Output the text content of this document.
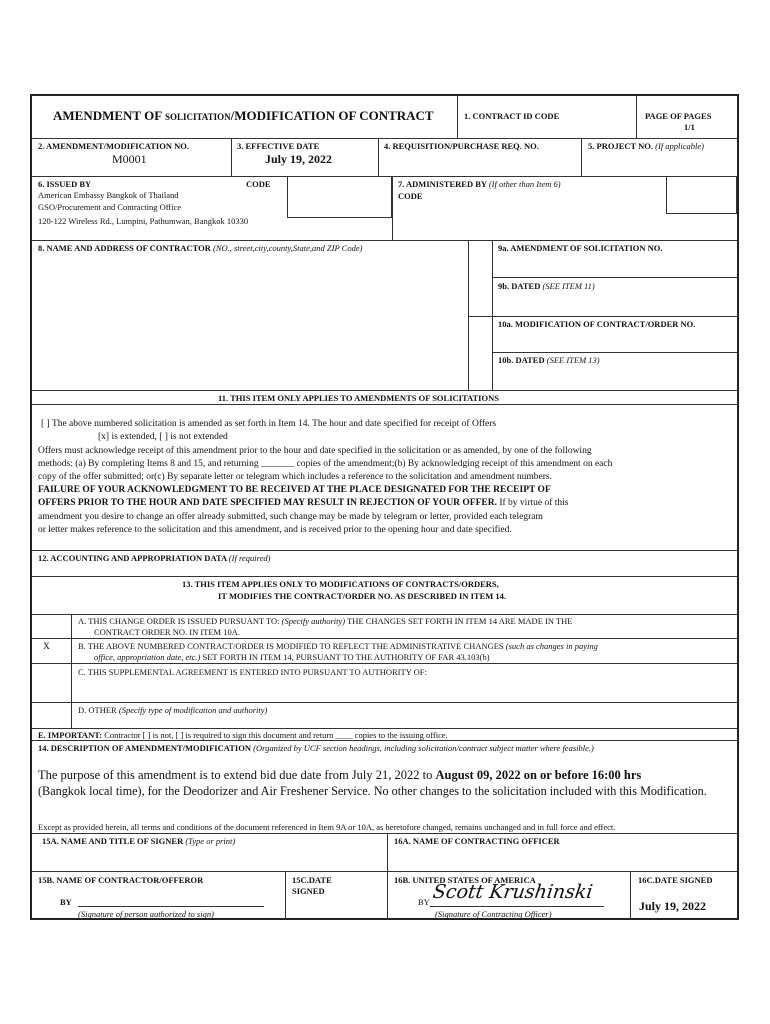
AMENDMENT OF SOLICITATION/MODIFICATION OF CONTRACT	1. CONTRACT ID CODE	PAGE OF PAGES
1/1
2. AMENDMENT/MODIFICATION NO.
M0001
3. EFFECTIVE DATE
July 19, 2022
4. REQUISITION/PURCHASE REQ. NO.	5. PROJECT NO. (If applicable)
6. ISSUED BY	CODE
American Embassy Bangkok of Thailand
GSO/Procurement and Contracting Office
120-122 Wireless Rd., Lumpini, Pathumwan, Bangkok 10330
7. ADMINISTERED BY (If other than Item 6)
CODE
8. NAME AND ADDRESS OF CONTRACTOR (NO., street,city,county,State,and ZIP Code)	9a. AMENDMENT OF SOLICITATION NO.
9b. DATED (SEE ITEM 11)
10a. MODIFICATION OF CONTRACT/ORDER NO.
10b. DATED (SEE ITEM 13)
11. THIS ITEM ONLY APPLIES TO AMENDMENTS OF SOLICITATIONS
[ ] The above numbered solicitation is amended as set forth in Item 14. The hour and date specified for receipt of Offers
[x] is extended, [ ] is not extended
Offers must acknowledge receipt of this amendment prior to the hour and date specified in the solicitation or as amended, by one of the following
methods: (a) By completing Items 8 and 15, and returning _______ copies of the amendment;(b) By acknowledging receipt of this amendment on each
copy of the offer submitted; or(c) By separate letter or telegram which includes a reference to the solicitation and amendment numbers.
FAILURE OF YOUR ACKNOWLEDGMENT TO BE RECEIVED AT THE PLACE DESIGNATED FOR THE RECEIPT OF
OFFERS PRIOR TO THE HOUR AND DATE SPECIFIED MAY RESULT IN REJECTION OF YOUR OFFER. If by virtue of this
amendment you desire to change an offer already submitted, such change may be made by telegram or letter, provided each telegram
or letter makes reference to the solicitation and this amendment, and is received prior to the opening hour and date specified.
12. ACCOUNTING AND APPROPRIATION DATA (If required)
13. THIS ITEM APPLIES ONLY TO MODIFICATIONS OF CONTRACTS/ORDERS,
IT MODIFIES THE CONTRACT/ORDER NO. AS DESCRIBED IN ITEM 14.
A. THIS CHANGE ORDER IS ISSUED PURSUANT TO: (Specify authority) THE CHANGES SET FORTH IN ITEM 14 ARE MADE IN THE
CONTRACT ORDER NO. IN ITEM 10A.
X	B. THE ABOVE NUMBERED CONTRACT/ORDER IS MODIFIED TO REFLECT THE ADMINISTRATIVE CHANGES (such as changes in paying
office, appropriation date, etc.) SET FORTH IN ITEM 14, PURSUANT TO THE AUTHORITY OF FAR 43.103(b)
C. THIS SUPPLEMENTAL AGREEMENT IS ENTERED INTO PURSUANT TO AUTHORITY OF:
D. OTHER (Specify type of modification and authority)
E. IMPORTANT: Contractor [ ] is not, [ ] is required to sign this document and return ____ copies to the issuing office.
14. DESCRIPTION OF AMENDMENT/MODIFICATION (Organized by UCF section headings, including solicitation/contract subject matter where feasible.)
The purpose of this amendment is to extend bid due date from July 21, 2022 to August 09, 2022 on or before 16:00 hrs
(Bangkok local time), for the Deodorizer and Air Freshener Service. No other changes to the solicitation included with this Modification.
Except as provided herein, all terms and conditions of the document referenced in Item 9A or 10A, as heretofore changed, remains unchanged and in full force and effect.
15A. NAME AND TITLE OF SIGNER (Type or print)	16A. NAME OF CONTRACTING OFFICER
15B. NAME OF CONTRACTOR/OFFEROR
BY
(Signature of person authorized to sign)
15C.DATE
SIGNED
16B. UNITED STATES OF AMERICA
BY Scott Krushinski
(Signature of Contracting Officer)
16C.DATE SIGNED
July 19, 2022
